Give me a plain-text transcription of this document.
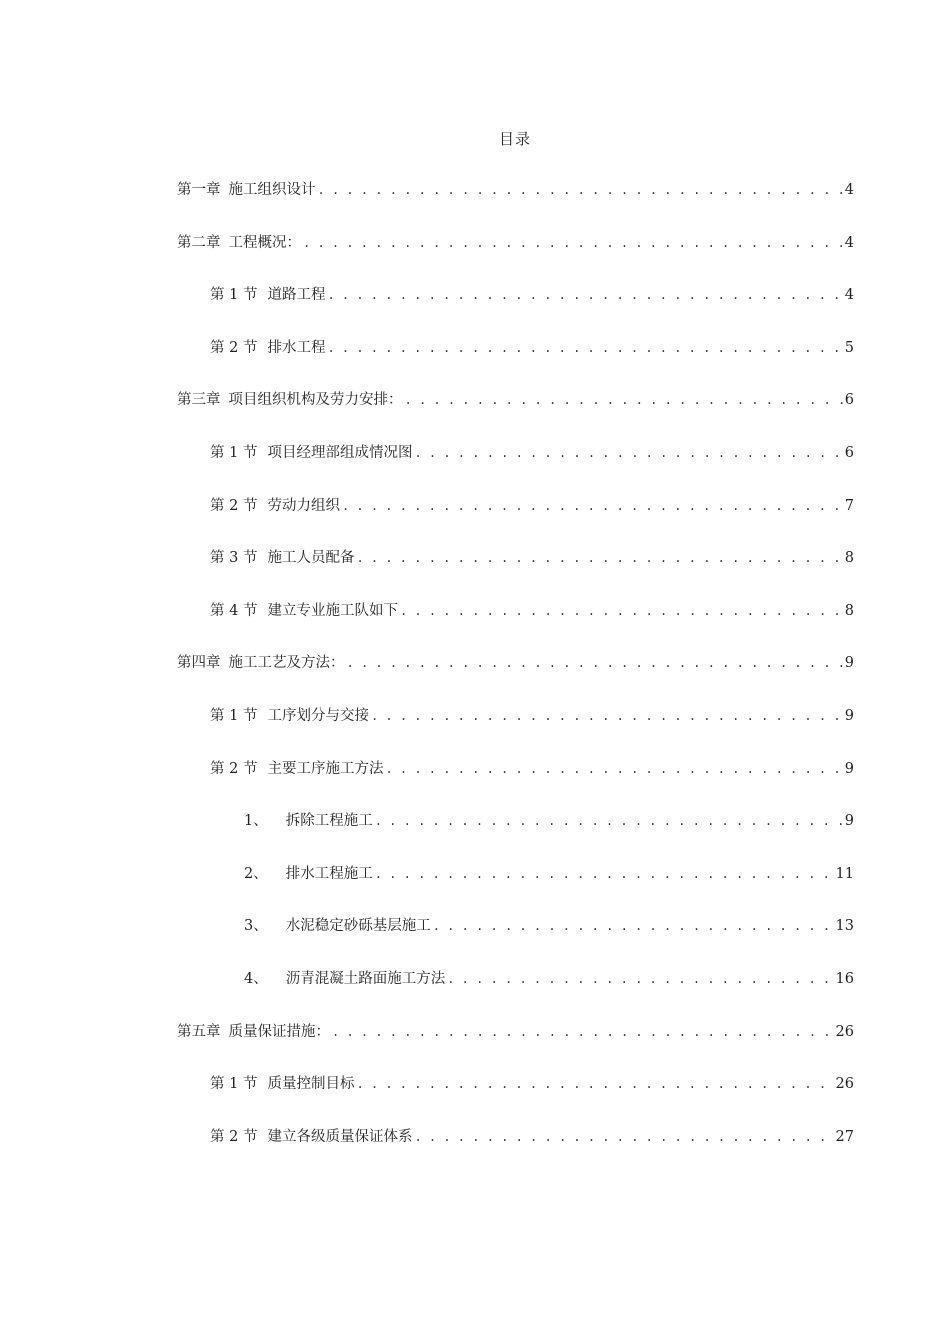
目录
第一章 施工组织设计 . . .	4
第二章 工程概况： . . .	4
第 1 节 道路工程 . . .	4
第 2 节 排水工程 . . .	5
第三章 项目组织机构及劳力安排： . . .	6
第 1 节 项目经理部组成情况图 . . .	6
第 2 节 劳动力组织 . . .	7
第 3 节 施工人员配备 . . .	8
第 4 节 建立专业施工队如下 . . .	8
第四章 施工工艺及方法： . . .	9
第 1 节 工序划分与交接 . . .	9
第 2 节 主要工序施工方法 . . .	9
1、 拆除工程施工 . . .	9
2、 排水工程施工 . . .	11
3、 水泥稳定砂砾基层施工 . . .	13
4、 沥青混凝土路面施工方法 . . .	16
第五章 质量保证措施： . . .	26
第 1 节 质量控制目标 . . .	26
第 2 节 建立各级质量保证体系 . . .	27
